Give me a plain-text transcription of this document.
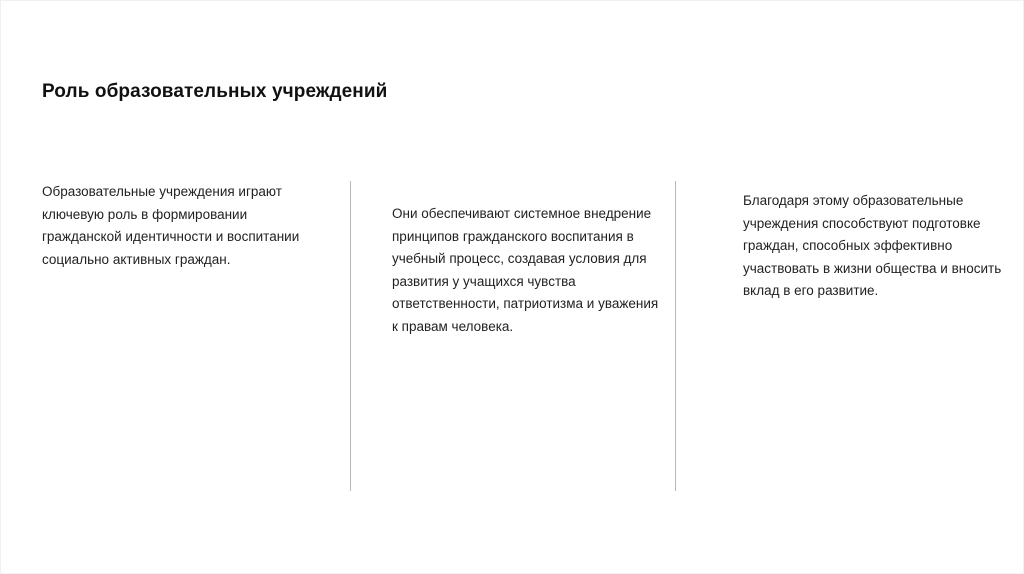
Роль образовательных учреждений
Образовательные учреждения играют ключевую роль в формировании гражданской идентичности и воспитании социально активных граждан.
Они обеспечивают системное внедрение принципов гражданского воспитания в учебный процесс, создавая условия для развития у учащихся чувства ответственности, патриотизма и уважения к правам человека.
Благодаря этому образовательные учреждения способствуют подготовке граждан, способных эффективно участвовать в жизни общества и вносить вклад в его развитие.
